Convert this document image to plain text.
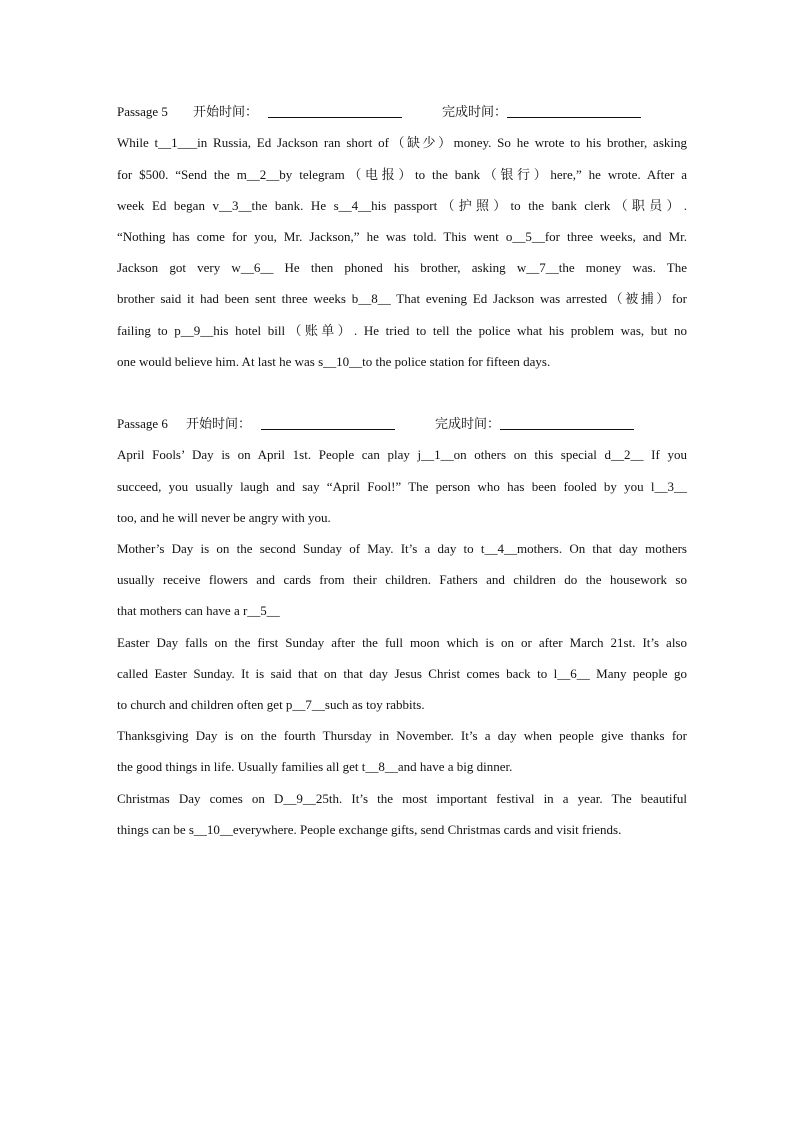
Passage 5 开始时间：	完成时间：
While t__1___in Russia, Ed Jackson ran short of（缺少）money. So he wrote to his brother, asking
for $500. “Send the m__2__by telegram（电报）to the bank（银行）here,” he wrote. After a
week Ed began v__3__the bank. He s__4__his passport（护照）to the bank clerk（职员）.
“Nothing has come for you, Mr. Jackson,” he was told. This went o__5__for three weeks, and Mr.
Jackson got very w__6__ He then phoned his brother, asking w__7__the money was. The
brother said it had been sent three weeks b__8__ That evening Ed Jackson was arrested（被捕）for
failing to p__9__his hotel bill（账单）. He tried to tell the police what his problem was, but no
one would believe him. At last he was s__10__to the police station for fifteen days.
Passage 6 开始时间：	完成时间：
April Fools’ Day is on April 1st. People can play j__1__on others on this special d__2__ If you
succeed, you usually laugh and say “April Fool!” The person who has been fooled by you l__3__
too, and he will never be angry with you.
Mother’s Day is on the second Sunday of May. It’s a day to t__4__mothers. On that day mothers
usually receive flowers and cards from their children. Fathers and children do the housework so
that mothers can have a r__5__
Easter Day falls on the first Sunday after the full moon which is on or after March 21st. It’s also
called Easter Sunday. It is said that on that day Jesus Christ comes back to l__6__ Many people go
to church and children often get p__7__such as toy rabbits.
Thanksgiving Day is on the fourth Thursday in November. It’s a day when people give thanks for
the good things in life. Usually families all get t__8__and have a big dinner.
Christmas Day comes on D__9__25th. It’s the most important festival in a year. The beautiful
things can be s__10__everywhere. People exchange gifts, send Christmas cards and visit friends.
